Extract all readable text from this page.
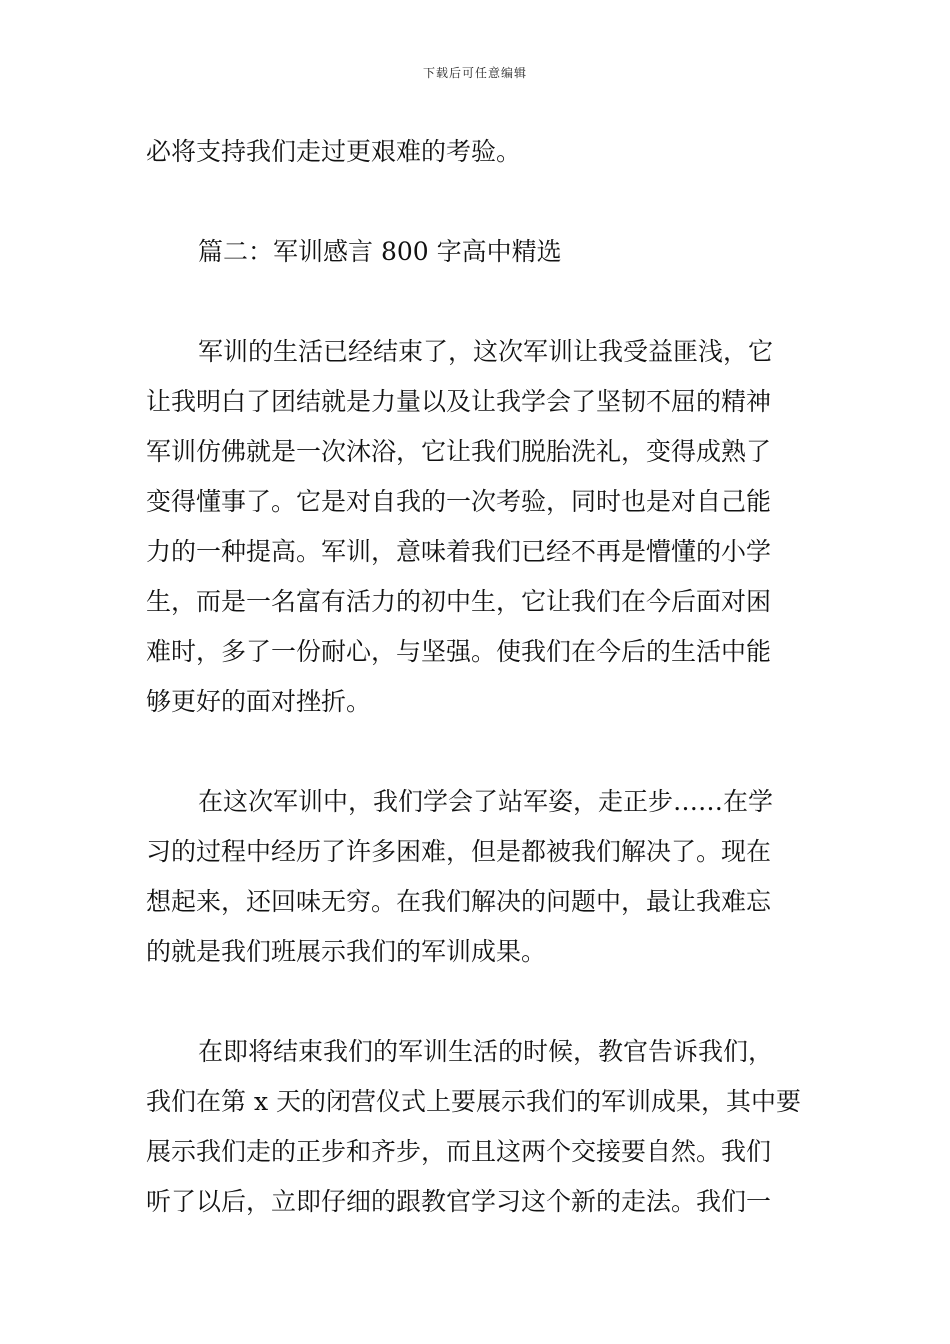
下载后可任意编辑
必将支持我们走过更艰难的考验。
篇二：军训感言 800 字高中精选
军训的生活已经结束了，这次军训让我受益匪浅，它
让我明白了团结就是力量以及让我学会了坚韧不屈的精神
军训仿佛就是一次沐浴，它让我们脱胎洗礼，变得成熟了
变得懂事了。它是对自我的一次考验，同时也是对自己能
力的一种提高。军训，意味着我们已经不再是懵懂的小学
生，而是一名富有活力的初中生，它让我们在今后面对困
难时，多了一份耐心，与坚强。使我们在今后的生活中能
够更好的面对挫折。
在这次军训中，我们学会了站军姿，走正步……在学
习的过程中经历了许多困难，但是都被我们解决了。现在
想起来，还回味无穷。在我们解决的问题中，最让我难忘
的就是我们班展示我们的军训成果。
在即将结束我们的军训生活的时候，教官告诉我们，
我们在第 x 天的闭营仪式上要展示我们的军训成果，其中要
展示我们走的正步和齐步，而且这两个交接要自然。我们
听了以后，立即仔细的跟教官学习这个新的走法。我们一
